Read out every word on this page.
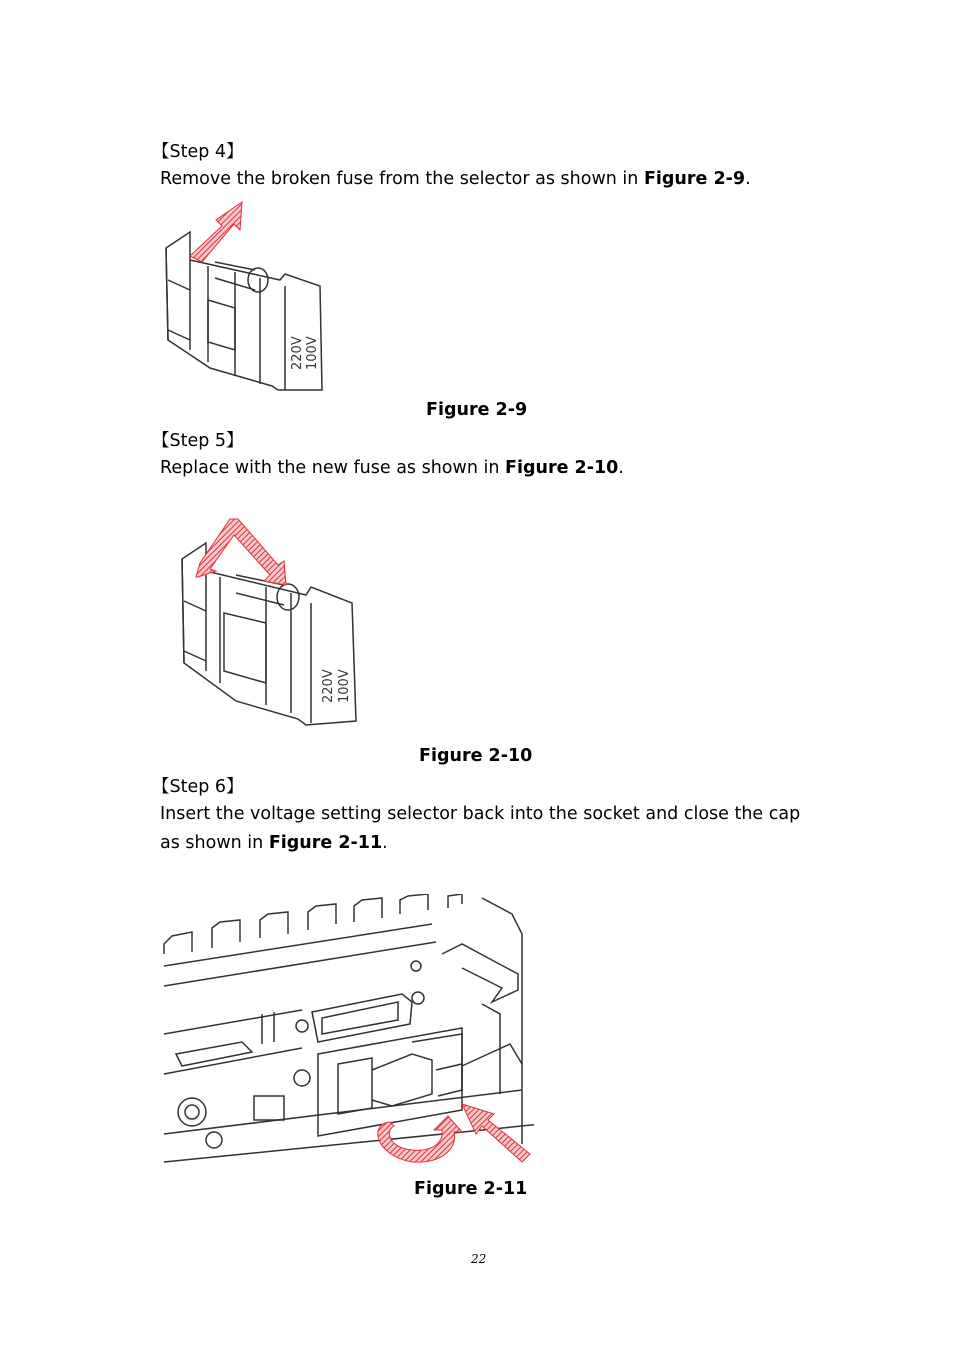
【Step 4】
Remove the broken fuse from the selector as shown in Figure 2-9.
220V 100V
Figure 2-9
【Step 5】
Replace with the new fuse as shown in Figure 2-10.
220V 100V
Figure 2-10
【Step 6】
Insert the voltage setting selector back into the socket and close the cap
as shown in Figure 2-11.
Figure 2-11
22
